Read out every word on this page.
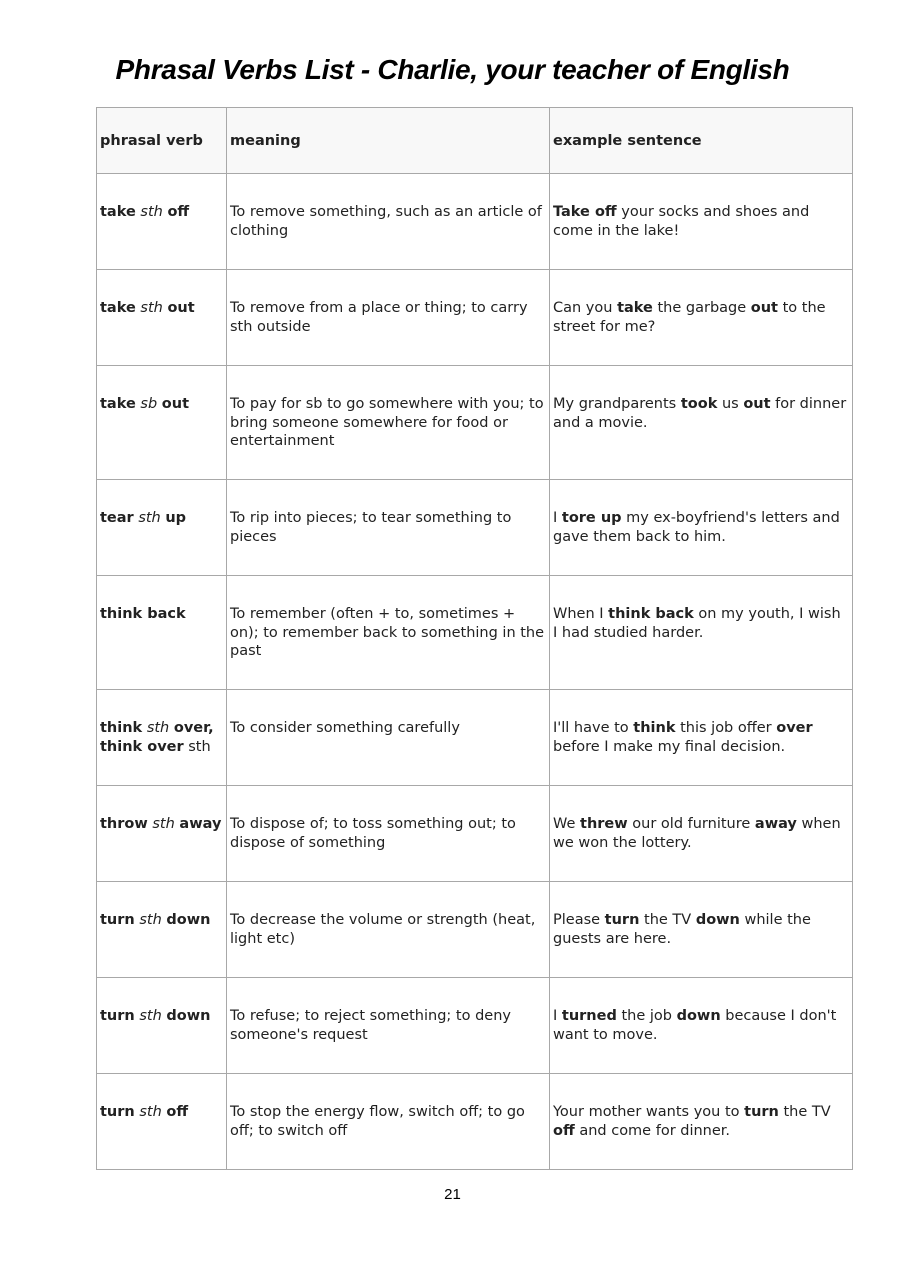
Phrasal Verbs List - Charlie, your teacher of English
phrasal verb	meaning	example sentence
take sth off	To remove something, such as an article of clothing	Take off your socks and shoes and come in the lake!
take sth out	To remove from a place or thing; to carry sth outside	Can you take the garbage out to the street for me?
take sb out	To pay for sb to go somewhere with you; to bring someone somewhere for food or entertainment	My grandparents took us out for dinner and a movie.
tear sth up	To rip into pieces; to tear something to pieces	I tore up my ex-boyfriend's letters and gave them back to him.
think back	To remember (often + to, sometimes + on); to remember back to something in the past	When I think back on my youth, I wish I had studied harder.
think sth over, think over sth	To consider something carefully	I'll have to think this job offer over before I make my final decision.
throw sth away	To dispose of; to toss something out; to dispose of something	We threw our old furniture away when we won the lottery.
turn sth down	To decrease the volume or strength (heat, light etc)	Please turn the TV down while the guests are here.
turn sth down	To refuse; to reject something; to deny someone's request	I turned the job down because I don't want to move.
turn sth off	To stop the energy flow, switch off; to go off; to switch off	Your mother wants you to turn the TV off and come for dinner.
21
